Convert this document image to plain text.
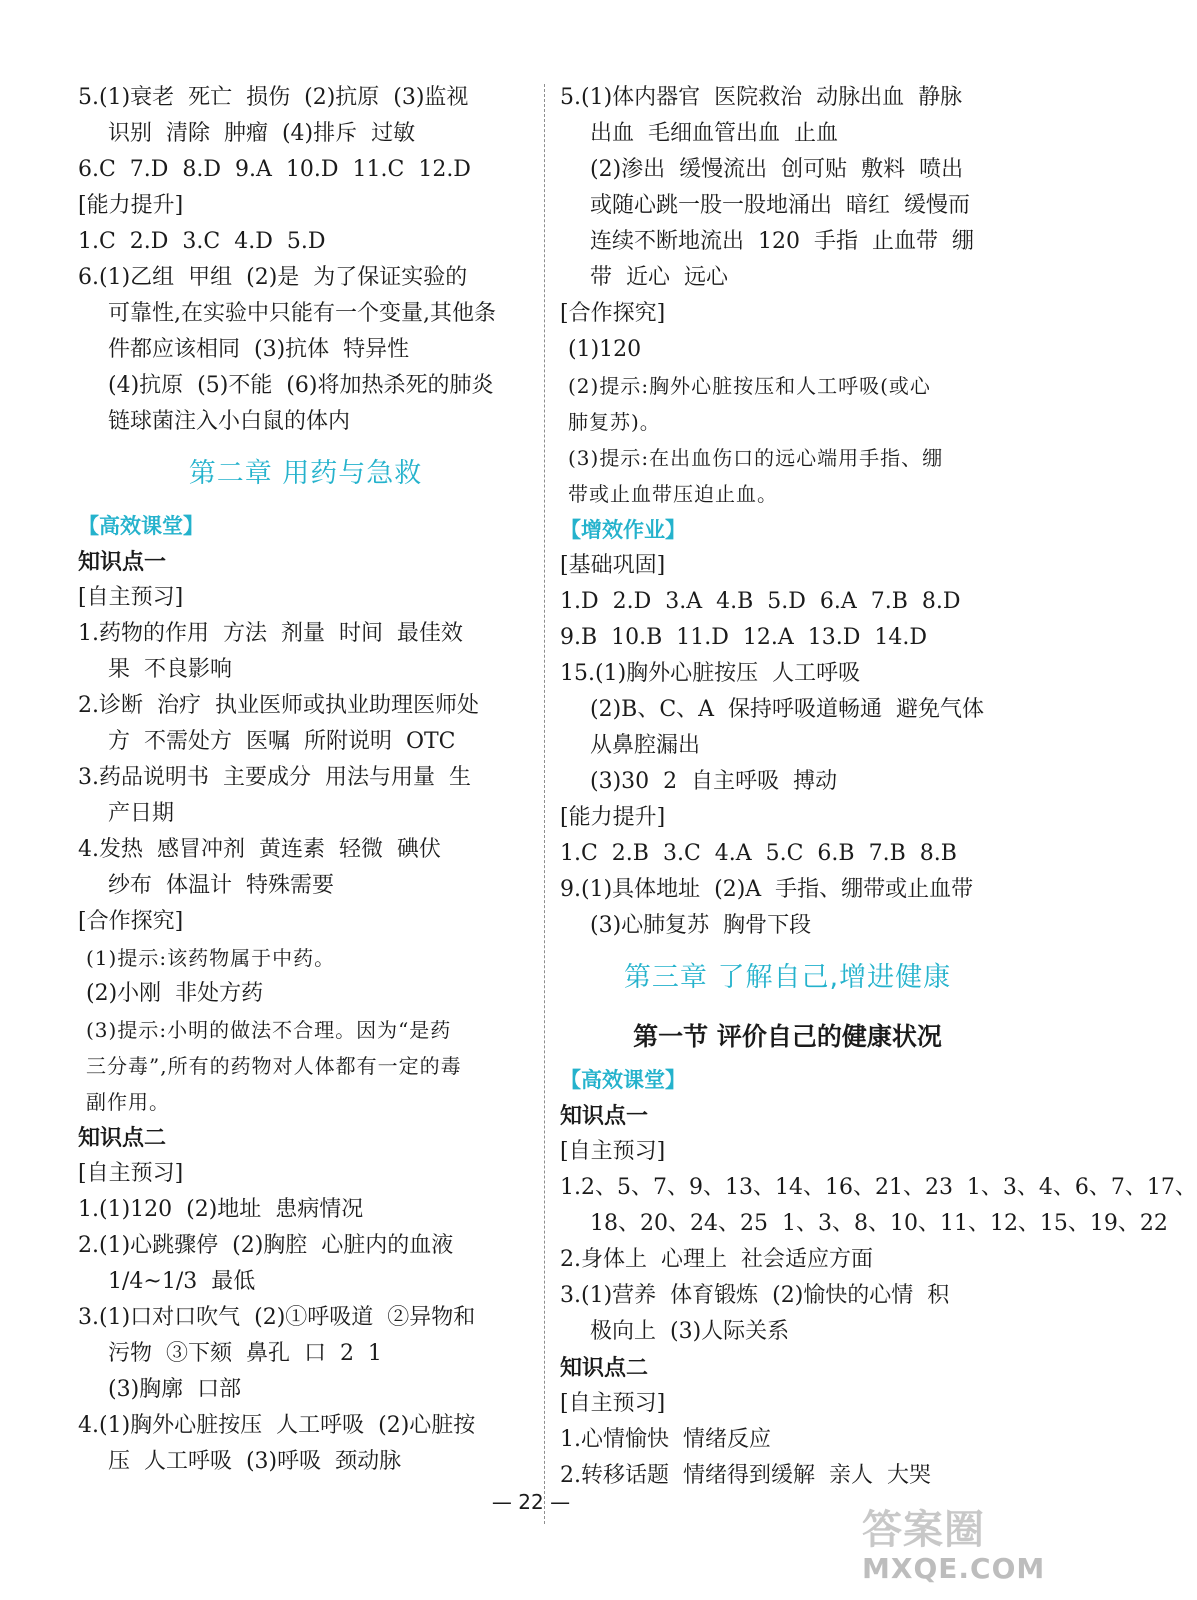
5.(1)衰老  死亡  损伤  (2)抗原  (3)监视
识别  清除  肿瘤  (4)排斥  过敏
6.C  7.D  8.D  9.A  10.D  11.C  12.D
[能力提升]
1.C  2.D  3.C  4.D  5.D
6.(1)乙组  甲组  (2)是  为了保证实验的
可靠性,在实验中只能有一个变量,其他条
件都应该相同  (3)抗体  特异性
(4)抗原  (5)不能  (6)将加热杀死的肺炎
链球菌注入小白鼠的体内
第二章 用药与急救
【高效课堂】
知识点一
[自主预习]
1.药物的作用  方法  剂量  时间  最佳效
果  不良影响
2.诊断  治疗  执业医师或执业助理医师处
方  不需处方  医嘱  所附说明  OTC
3.药品说明书  主要成分  用法与用量  生
产日期
4.发热  感冒冲剂  黄连素  轻微  碘伏
纱布  体温计  特殊需要
[合作探究]
(1)提示:该药物属于中药。
(2)小刚  非处方药
(3)提示:小明的做法不合理。因为“是药
三分毒”,所有的药物对人体都有一定的毒
副作用。
知识点二
[自主预习]
1.(1)120  (2)地址  患病情况
2.(1)心跳骤停  (2)胸腔  心脏内的血液
1/4~1/3  最低
3.(1)口对口吹气  (2)①呼吸道  ②异物和
污物  ③下颏  鼻孔  口  2  1
(3)胸廓  口部
4.(1)胸外心脏按压  人工呼吸  (2)心脏按
压  人工呼吸  (3)呼吸  颈动脉
5.(1)体内器官  医院救治  动脉出血  静脉
出血  毛细血管出血  止血
(2)渗出  缓慢流出  创可贴  敷料  喷出
或随心跳一股一股地涌出  暗红  缓慢而
连续不断地流出  120  手指  止血带  绷
带  近心  远心
[合作探究]
(1)120
(2)提示:胸外心脏按压和人工呼吸(或心
肺复苏)。
(3)提示:在出血伤口的远心端用手指、绷
带或止血带压迫止血。
【增效作业】
[基础巩固]
1.D  2.D  3.A  4.B  5.D  6.A  7.B  8.D
9.B  10.B  11.D  12.A  13.D  14.D
15.(1)胸外心脏按压  人工呼吸
(2)B、C、A  保持呼吸道畅通  避免气体
从鼻腔漏出
(3)30  2  自主呼吸  搏动
[能力提升]
1.C  2.B  3.C  4.A  5.C  6.B  7.B  8.B
9.(1)具体地址  (2)A  手指、绷带或止血带
(3)心肺复苏  胸骨下段
第三章 了解自己,增进健康
第一节 评价自己的健康状况
【高效课堂】
知识点一
[自主预习]
1.2、5、7、9、13、14、16、21、23  1、3、4、6、7、17、
18、20、24、25  1、3、8、10、11、12、15、19、22
2.身体上  心理上  社会适应方面
3.(1)营养  体育锻炼  (2)愉快的心情  积
极向上  (3)人际关系
知识点二
[自主预习]
1.心情愉快  情绪反应
2.转移话题  情绪得到缓解  亲人  大哭
— 22 —
答案圈
MXQE.COM
